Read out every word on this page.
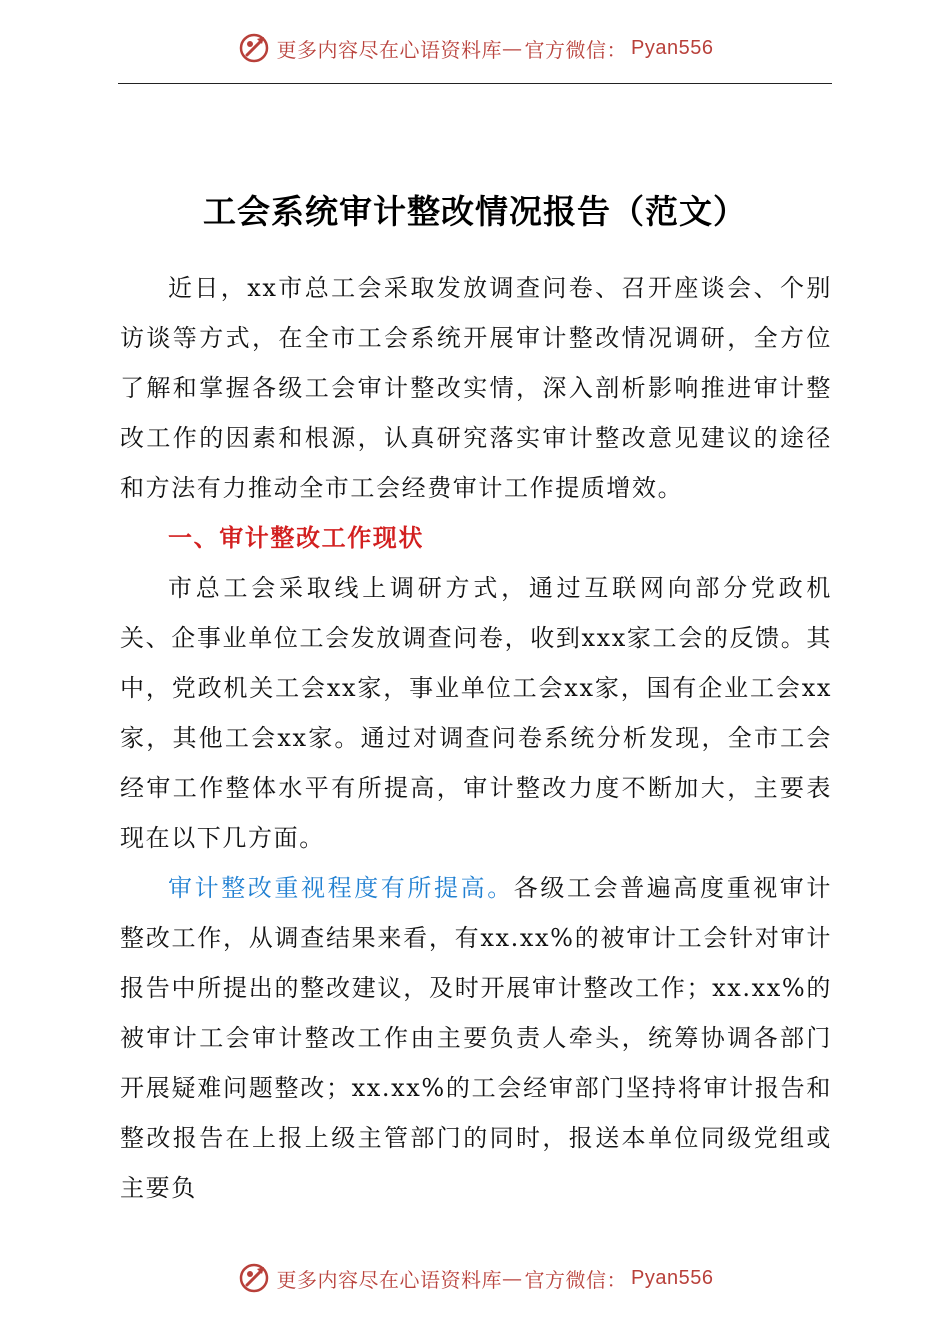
更多内容尽在心语资料库 — 官方微信： Pyan556
工会系统审计整改情况报告（范文）

近日，xx市总工会采取发放调查问卷、召开座谈会、个别访谈等方式，在全市工会系统开展审计整改情况调研，全方位了解和掌握各级工会审计整改实情，深入剖析影响推进审计整改工作的因素和根源，认真研究落实审计整改意见建议的途径和方法有力推动全市工会经费审计工作提质增效。

一、审计整改工作现状

市总工会采取线上调研方式，通过互联网向部分党政机关、企事业单位工会发放调查问卷，收到xxx家工会的反馈。其中，党政机关工会xx家，事业单位工会xx家，国有企业工会xx家，其他工会xx家。通过对调查问卷系统分析发现，全市工会经审工作整体水平有所提高，审计整改力度不断加大，主要表现在以下几方面。

审计整改重视程度有所提高。各级工会普遍高度重视审计整改工作，从调查结果来看，有xx.xx%的被审计工会针对审计报告中所提出的整改建议，及时开展审计整改工作；xx.xx%的被审计工会审计整改工作由主要负责人牵头，统筹协调各部门开展疑难问题整改；xx.xx%的工会经审部门坚持将审计报告和整改报告在上报上级主管部门的同时，报送本单位同级党组或主要负

更多内容尽在心语资料库 — 官方微信： Pyan556
